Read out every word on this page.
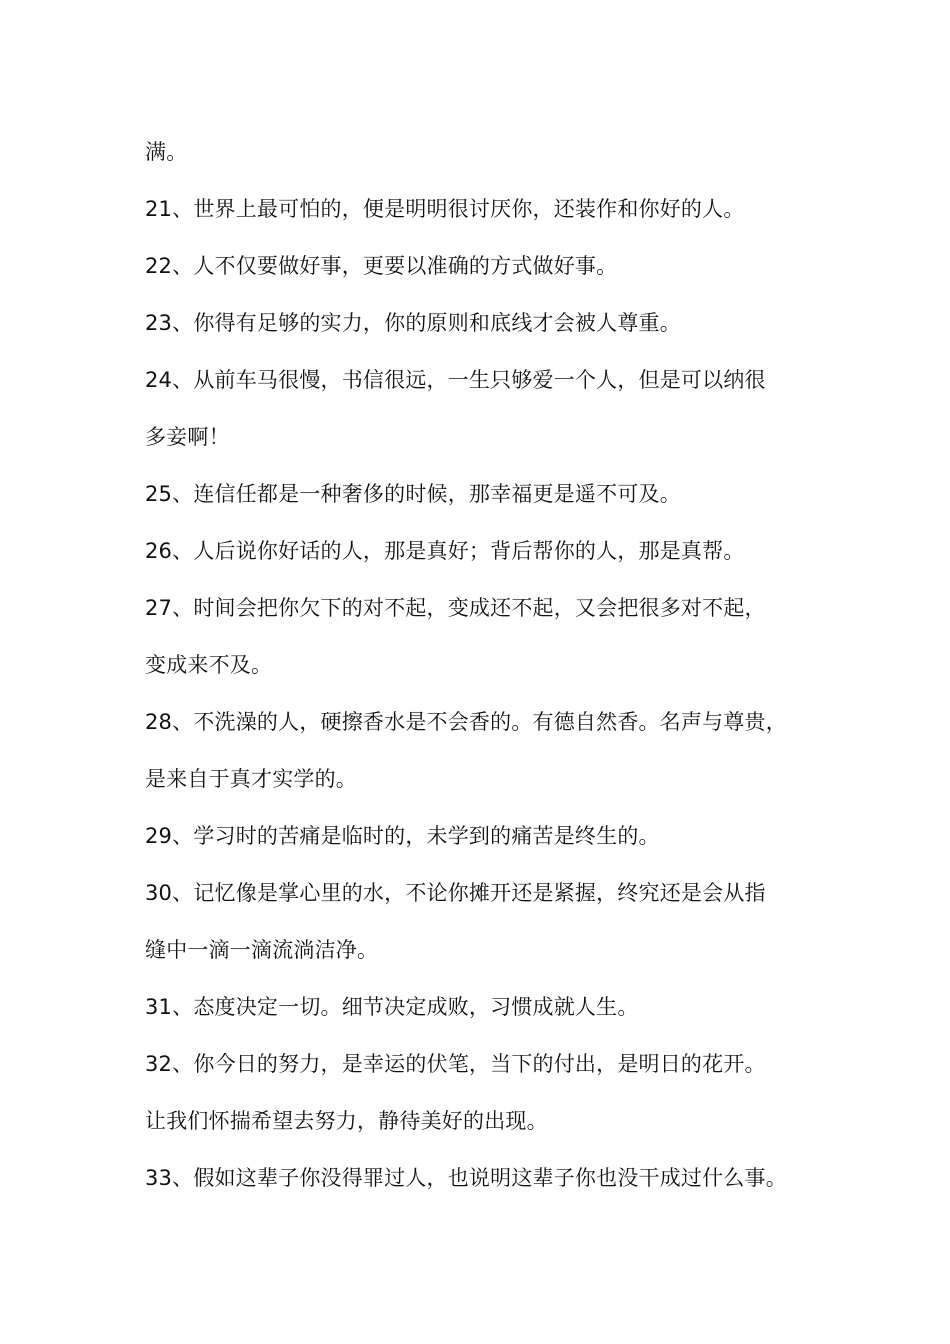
满。
21、世界上最可怕的，便是明明很讨厌你，还装作和你好的人。
22、人不仅要做好事，更要以准确的方式做好事。
23、你得有足够的实力，你的原则和底线才会被人尊重。
24、从前车马很慢，书信很远，一生只够爱一个人，但是可以纳很
多妾啊！
25、连信任都是一种奢侈的时候，那幸福更是遥不可及。
26、人后说你好话的人，那是真好；背后帮你的人，那是真帮。
27、时间会把你欠下的对不起，变成还不起，又会把很多对不起，
变成来不及。
28、不洗澡的人，硬擦香水是不会香的。有德自然香。名声与尊贵，
是来自于真才实学的。
29、学习时的苦痛是临时的，未学到的痛苦是终生的。
30、记忆像是掌心里的水，不论你摊开还是紧握，终究还是会从指
缝中一滴一滴流淌洁净。
31、态度决定一切。细节决定成败，习惯成就人生。
32、你今日的努力，是幸运的伏笔，当下的付出，是明日的花开。
让我们怀揣希望去努力，静待美好的出现。
33、假如这辈子你没得罪过人，也说明这辈子你也没干成过什么事。
